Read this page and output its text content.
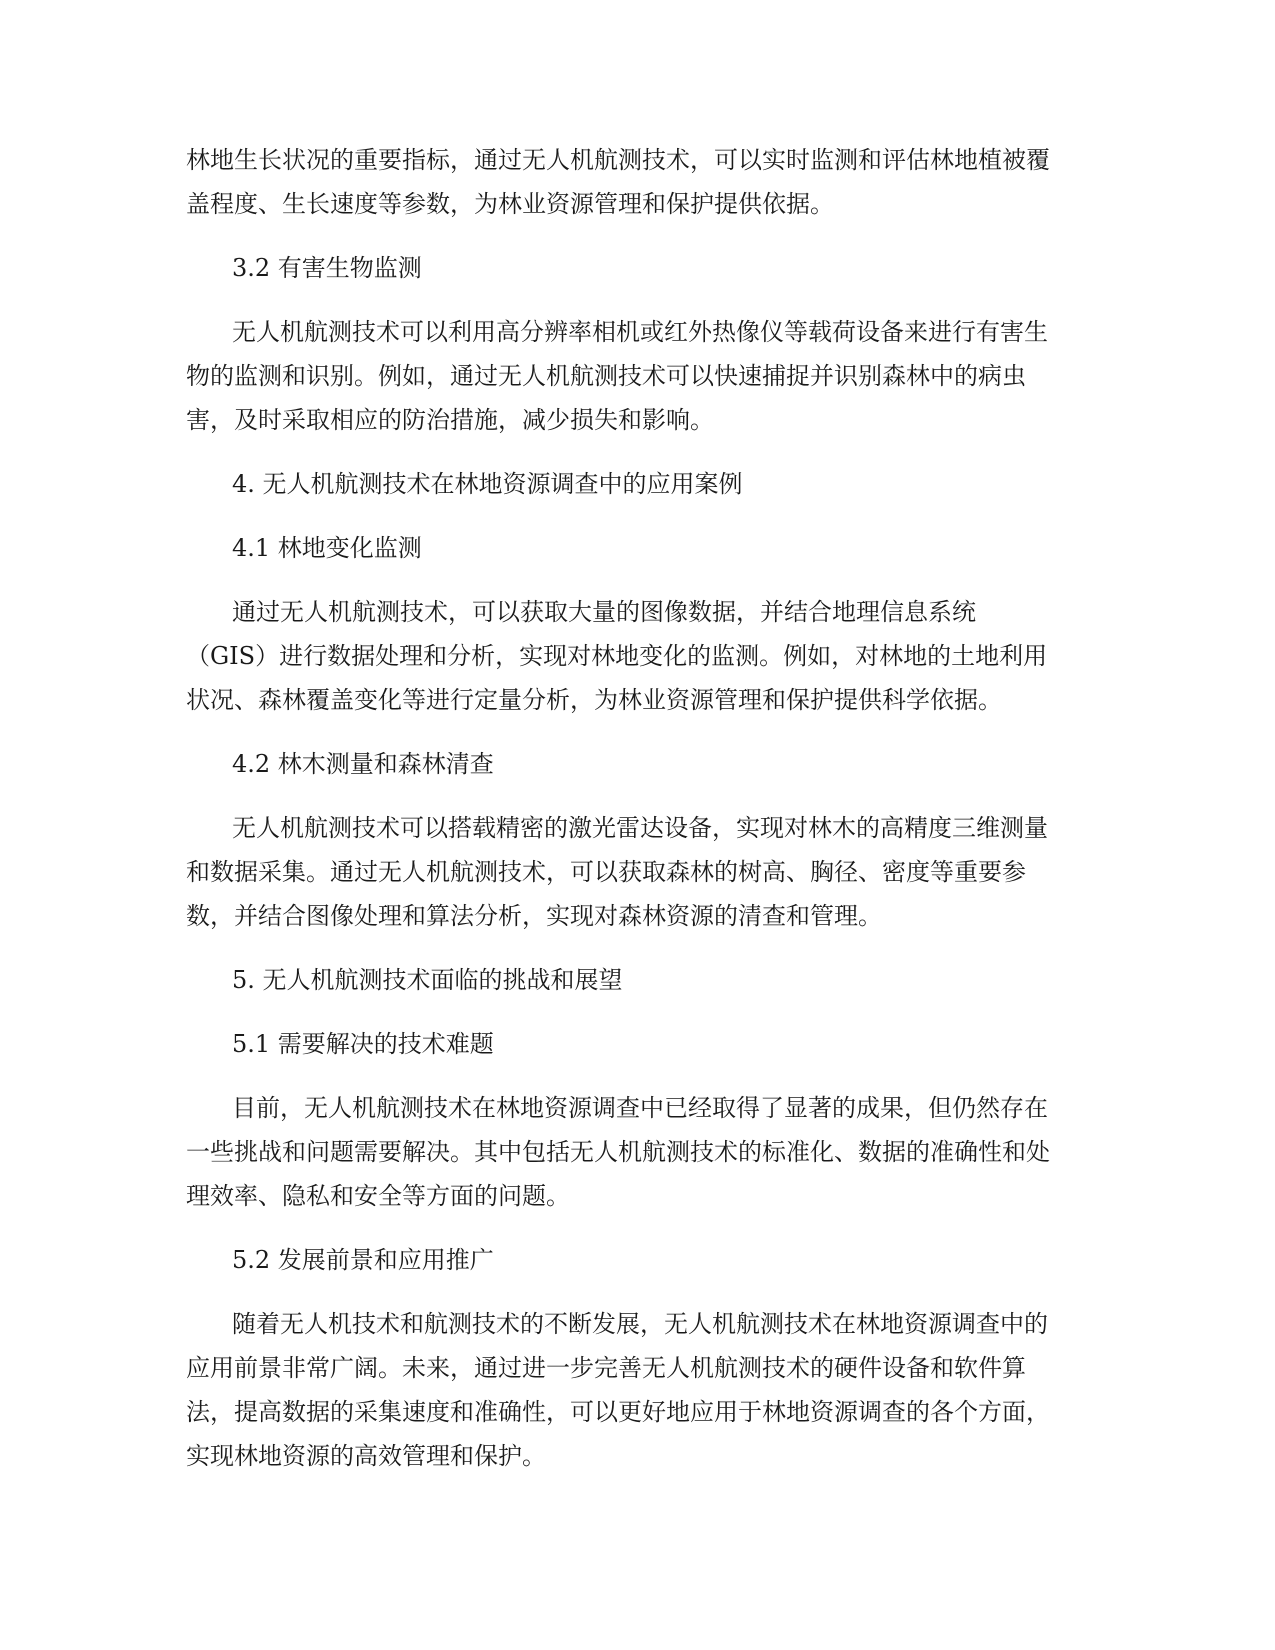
林地生长状况的重要指标，通过无人机航测技术，可以实时监测和评估林地植被覆
盖程度、生长速度等参数，为林业资源管理和保护提供依据。
3.2 有害生物监测
无人机航测技术可以利用高分辨率相机或红外热像仪等载荷设备来进行有害生
物的监测和识别。例如，通过无人机航测技术可以快速捕捉并识别森林中的病虫
害，及时采取相应的防治措施，减少损失和影响。
4. 无人机航测技术在林地资源调查中的应用案例
4.1 林地变化监测
通过无人机航测技术，可以获取大量的图像数据，并结合地理信息系统
（GIS）进行数据处理和分析，实现对林地变化的监测。例如，对林地的土地利用
状况、森林覆盖变化等进行定量分析，为林业资源管理和保护提供科学依据。
4.2 林木测量和森林清查
无人机航测技术可以搭载精密的激光雷达设备，实现对林木的高精度三维测量
和数据采集。通过无人机航测技术，可以获取森林的树高、胸径、密度等重要参
数，并结合图像处理和算法分析，实现对森林资源的清查和管理。
5. 无人机航测技术面临的挑战和展望
5.1 需要解决的技术难题
目前，无人机航测技术在林地资源调查中已经取得了显著的成果，但仍然存在
一些挑战和问题需要解决。其中包括无人机航测技术的标准化、数据的准确性和处
理效率、隐私和安全等方面的问题。
5.2 发展前景和应用推广
随着无人机技术和航测技术的不断发展，无人机航测技术在林地资源调查中的
应用前景非常广阔。未来，通过进一步完善无人机航测技术的硬件设备和软件算
法，提高数据的采集速度和准确性，可以更好地应用于林地资源调查的各个方面，
实现林地资源的高效管理和保护。
